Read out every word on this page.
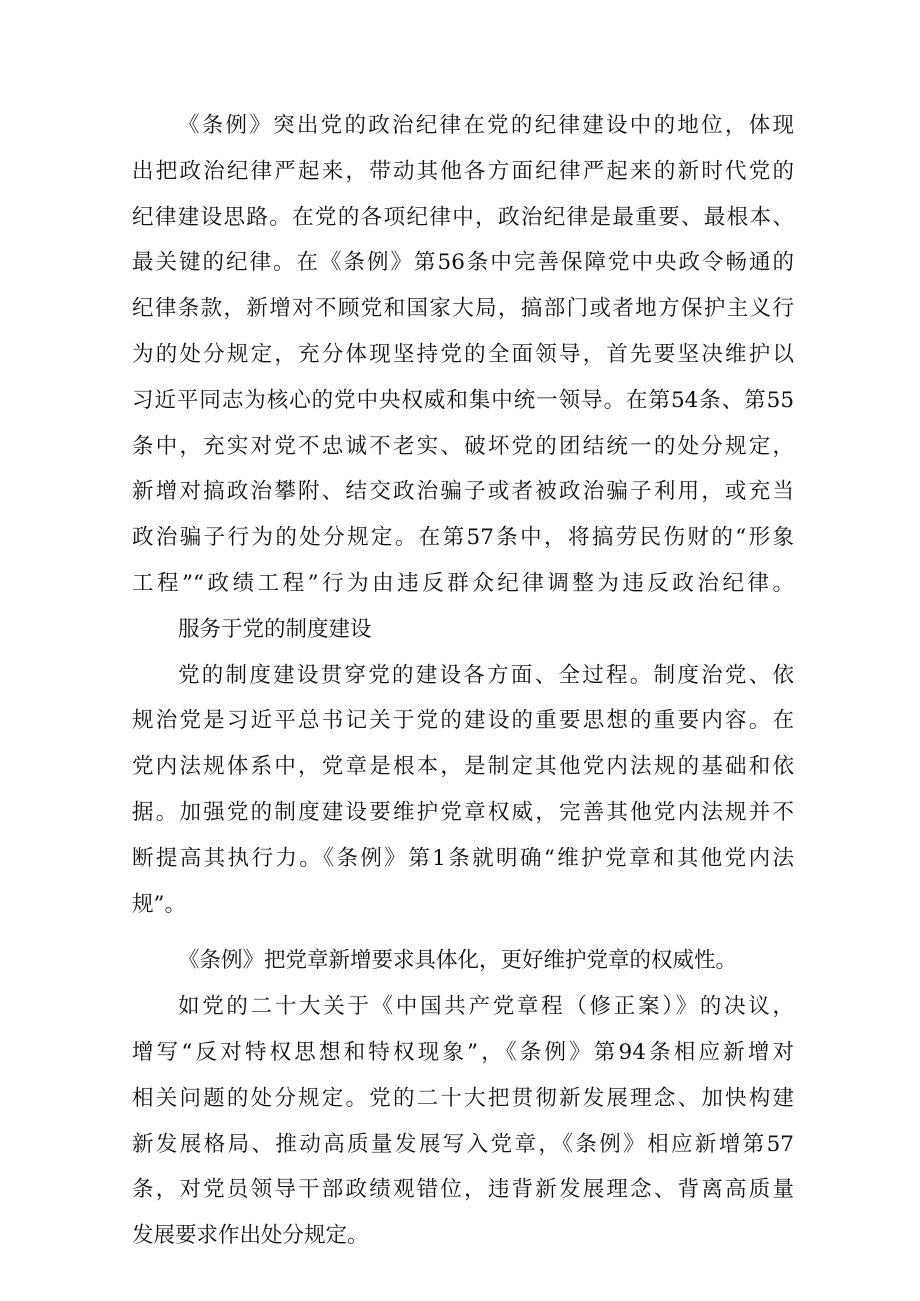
《条例》突出党的政治纪律在党的纪律建设中的地位，体现
出把政治纪律严起来，带动其他各方面纪律严起来的新时代党的
纪律建设思路。在党的各项纪律中，政治纪律是最重要、最根本、
最关键的纪律。在《条例》第56条中完善保障党中央政令畅通的
纪律条款，新增对不顾党和国家大局，搞部门或者地方保护主义行
为的处分规定，充分体现坚持党的全面领导，首先要坚决维护以
习近平同志为核心的党中央权威和集中统一领导。在第54条、第55
条中，充实对党不忠诚不老实、破坏党的团结统一的处分规定，
新增对搞政治攀附、结交政治骗子或者被政治骗子利用，或充当
政治骗子行为的处分规定。在第57条中，将搞劳民伤财的“形象
工程”“政绩工程”行为由违反群众纪律调整为违反政治纪律。
服务于党的制度建设
党的制度建设贯穿党的建设各方面、全过程。制度治党、依
规治党是习近平总书记关于党的建设的重要思想的重要内容。在
党内法规体系中，党章是根本，是制定其他党内法规的基础和依
据。加强党的制度建设要维护党章权威，完善其他党内法规并不
断提高其执行力。《条例》第1条就明确“维护党章和其他党内法
规”。
《条例》把党章新增要求具体化，更好维护党章的权威性。
如党的二十大关于《中国共产党章程（修正案）》的决议，
增写“反对特权思想和特权现象”，《条例》第94条相应新增对
相关问题的处分规定。党的二十大把贯彻新发展理念、加快构建
新发展格局、推动高质量发展写入党章，《条例》相应新增第57
条，对党员领导干部政绩观错位，违背新发展理念、背离高质量
发展要求作出处分规定。
